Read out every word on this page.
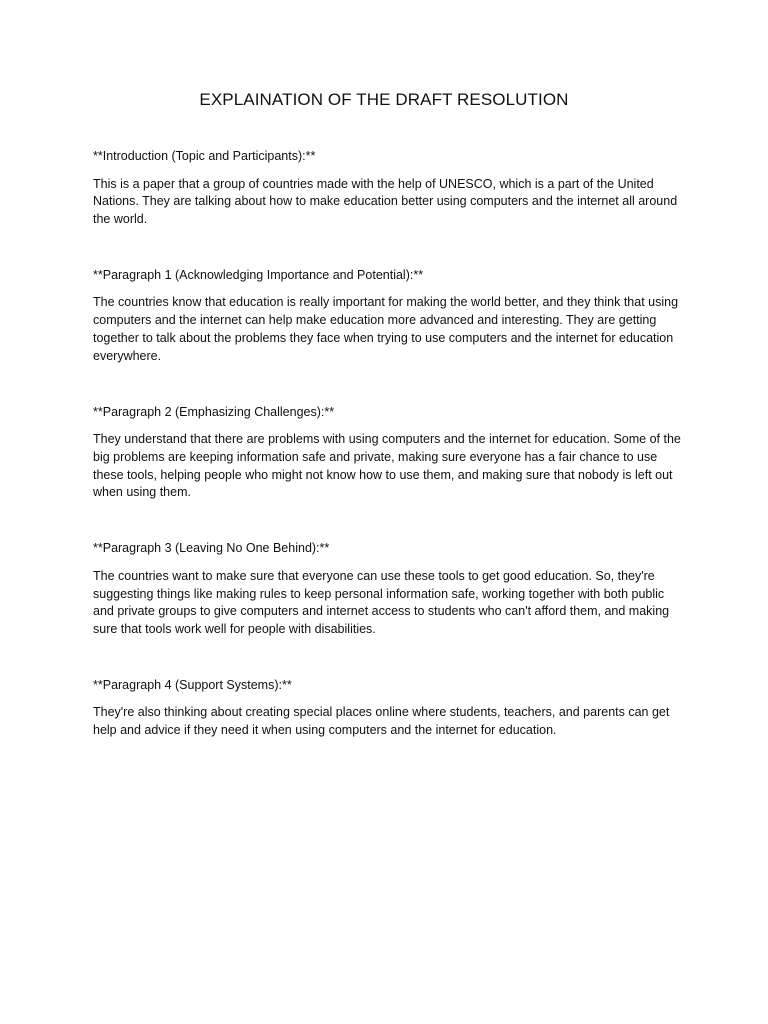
EXPLAINATION OF THE DRAFT RESOLUTION

**Introduction (Topic and Participants):**

This is a paper that a group of countries made with the help of UNESCO, which is a part of the United Nations. They are talking about how to make education better using computers and the internet all around the world.

**Paragraph 1 (Acknowledging Importance and Potential):**

The countries know that education is really important for making the world better, and they think that using computers and the internet can help make education more advanced and interesting. They are getting together to talk about the problems they face when trying to use computers and the internet for education everywhere.

**Paragraph 2 (Emphasizing Challenges):**

They understand that there are problems with using computers and the internet for education. Some of the big problems are keeping information safe and private, making sure everyone has a fair chance to use these tools, helping people who might not know how to use them, and making sure that nobody is left out when using them.

**Paragraph 3 (Leaving No One Behind):**

The countries want to make sure that everyone can use these tools to get good education. So, they're suggesting things like making rules to keep personal information safe, working together with both public and private groups to give computers and internet access to students who can't afford them, and making sure that tools work well for people with disabilities.

**Paragraph 4 (Support Systems):**

They're also thinking about creating special places online where students, teachers, and parents can get help and advice if they need it when using computers and the internet for education.
